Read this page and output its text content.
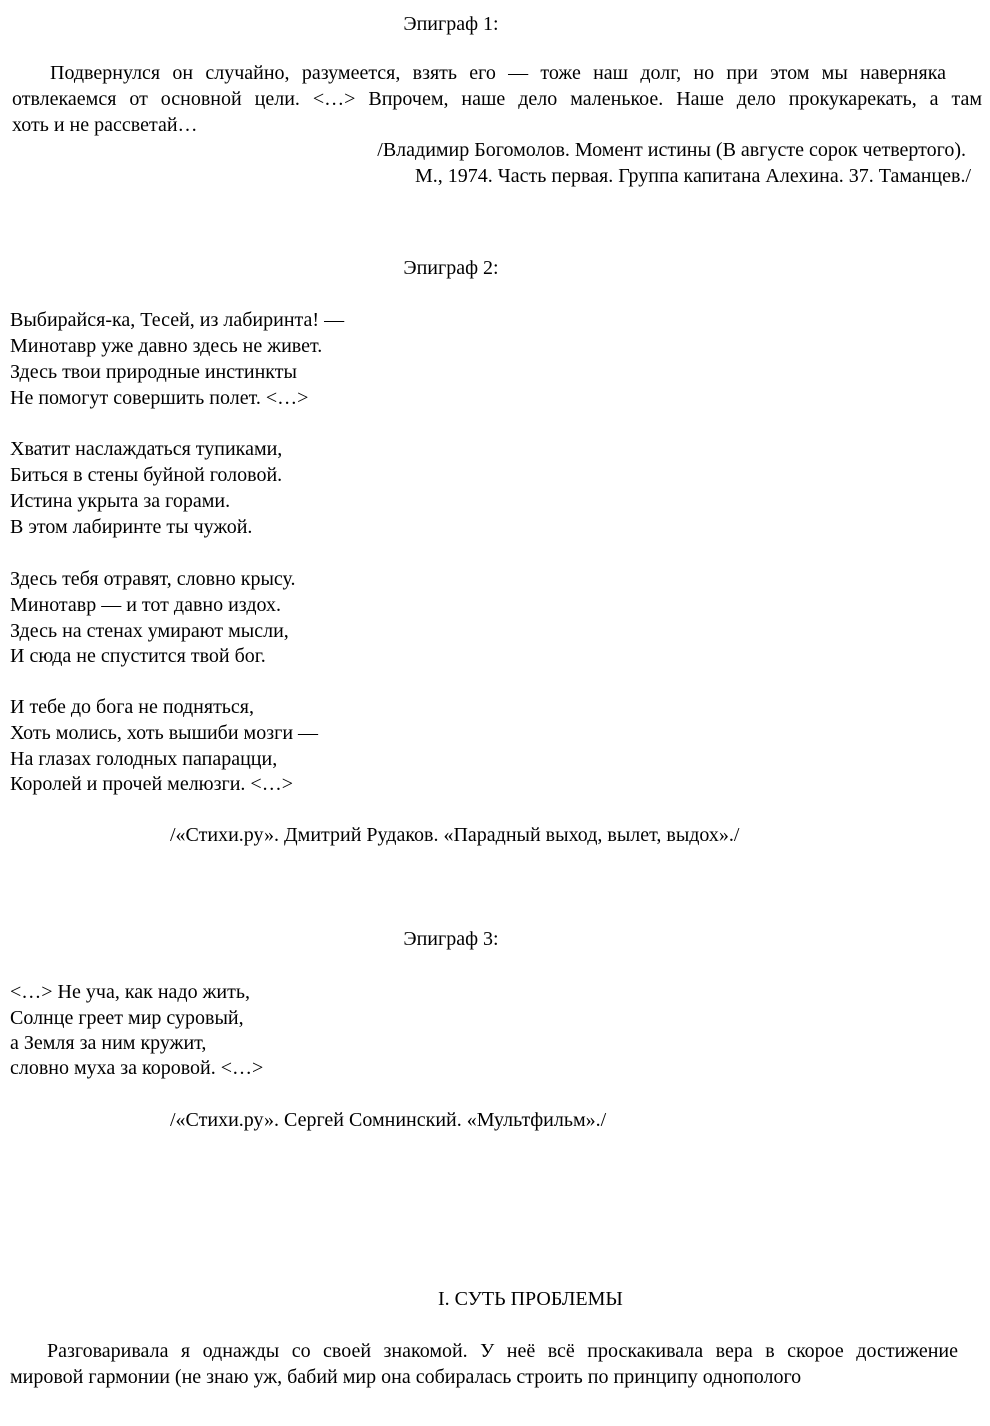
Эпиграф 1:
Подвернулся он случайно, разумеется, взять его — тоже наш долг, но при этом мы наверняка
отвлекаемся от основной цели. <…> Впрочем, наше дело маленькое. Наше дело прокукарекать, а там
хоть и не рассветай…
/Владимир Богомолов. Момент истины (В августе сорок четвертого).
М., 1974. Часть первая. Группа капитана Алехина. 37. Таманцев./
Эпиграф 2:
Выбирайся-ка, Тесей, из лабиринта! —
Минотавр уже давно здесь не живет.
Здесь твои природные инстинкты
Не помогут совершить полет. <…>
Хватит наслаждаться тупиками,
Биться в стены буйной головой.
Истина укрыта за горами.
В этом лабиринте ты чужой.
Здесь тебя отравят, словно крысу.
Минотавр — и тот давно издох.
Здесь на стенах умирают мысли,
И сюда не спустится твой бог.
И тебе до бога не подняться,
Хоть молись, хоть вышиби мозги —
На глазах голодных папарацци,
Королей и прочей мелюзги. <…>
/«Стихи.ру». Дмитрий Рудаков. «Парадный выход, вылет, выдох»./
Эпиграф 3:
<…> Не уча, как надо жить,
Солнце греет мир суровый,
а Земля за ним кружит,
словно муха за коровой. <…>
/«Стихи.ру». Сергей Сомнинский. «Мультфильм»./
I. СУТЬ ПРОБЛЕМЫ
Разговаривала я однажды со своей знакомой. У неё всё проскакивала вера в скорое достижение
мировой гармонии (не знаю уж, бабий мир она собиралась строить по принципу однополого
